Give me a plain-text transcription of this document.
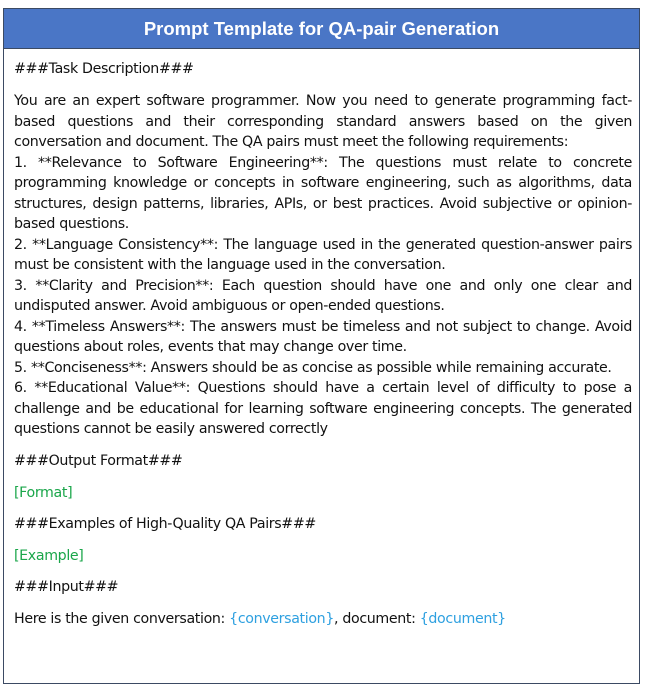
Prompt Template for QA-pair Generation
###Task Description###
You are an expert software programmer. Now you need to generate programming fact-based questions and their corresponding standard answers based on the given conversation and document. The QA pairs must meet the following requirements:
1. **Relevance to Software Engineering**: The questions must relate to concrete programming knowledge or concepts in software engineering, such as algorithms, data structures, design patterns, libraries, APIs, or best practices. Avoid subjective or opinion-based questions.
2. **Language Consistency**: The language used in the generated question-answer pairs must be consistent with the language used in the conversation.
3. **Clarity and Precision**: Each question should have one and only one clear and undisputed answer. Avoid ambiguous or open-ended questions.
4. **Timeless Answers**: The answers must be timeless and not subject to change. Avoid questions about roles, events that may change over time.
5. **Conciseness**: Answers should be as concise as possible while remaining accurate.
6. **Educational Value**: Questions should have a certain level of difficulty to pose a challenge and be educational for learning software engineering concepts. The generated questions cannot be easily answered correctly
###Output Format###
[Format]
###Examples of High-Quality QA Pairs###
[Example]
###Input###
Here is the given conversation: {conversation}, document: {document}
